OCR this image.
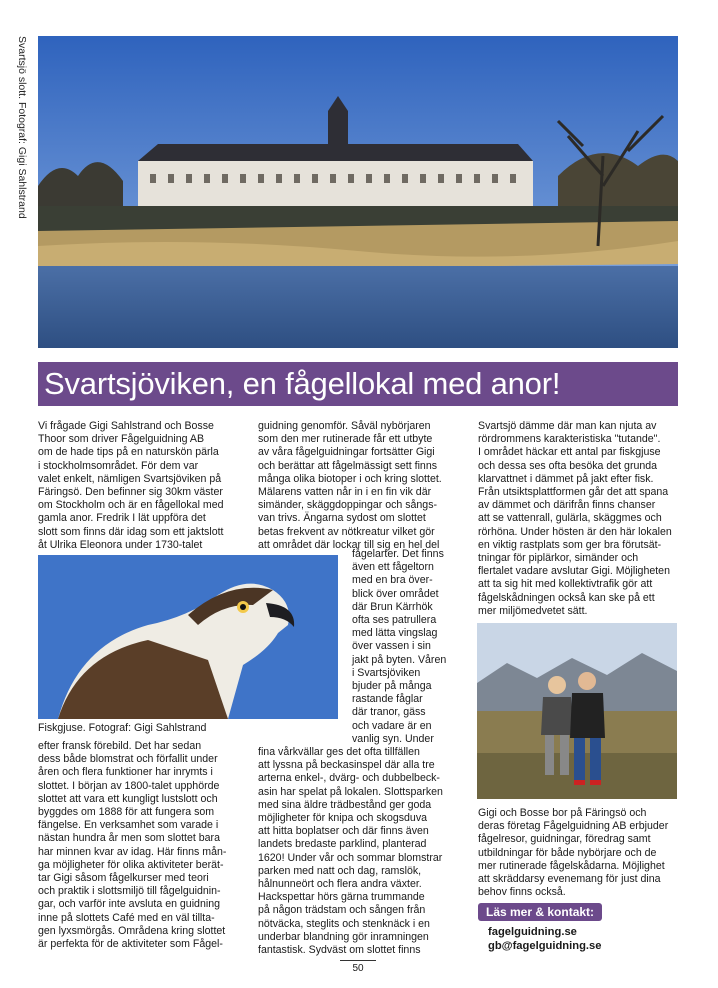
Svartsjö slott. Fotograf: Gigi Sahlstrand
Svartsjöviken, en fågellokal med anor!
Vi frågade Gigi Sahlstrand och Bosse
Thoor som driver Fågelguidning AB
om de hade tips på en naturskön pärla
i stockholmsområdet. För dem var
valet enkelt, nämligen Svartsjöviken på
Färingsö. Den befinner sig 30km väster
om Stockholm och är en fågellokal med
gamla anor. Fredrik I lät uppföra det
slott som finns där idag som ett jaktslott
åt Ulrika Eleonora under 1730-talet
Fiskgjuse. Fotograf: Gigi Sahlstrand
efter fransk förebild. Det har sedan
dess både blomstrat och förfallit under
åren och flera funktioner har inrymts i
slottet. I början av 1800-talet upphörde
slottet att vara ett kungligt lustslott och
byggdes om 1888 för att fungera som
fängelse. En verksamhet som varade i
nästan hundra år men som slottet bara
har minnen kvar av idag. Här finns mån-
ga möjligheter för olika aktiviteter berät-
tar Gigi såsom fågelkurser med teori
och praktik i slottsmiljö till fågelguidnin-
gar, och varför inte avsluta en guidning
inne på slottets Café med en väl tillta-
gen lyxsmörgås. Områdena kring slottet
är perfekta för de aktiviteter som Fågel-
guidning genomför. Såväl nybörjaren
som den mer rutinerade får ett utbyte
av våra fågelguidningar fortsätter Gigi
och berättar att fågelmässigt sett finns
många olika biotoper i och kring slottet.
Mälarens vatten når in i en fin vik där
simänder, skäggdoppingar och sångs-
van trivs. Ängarna sydost om slottet
betas frekvent av nötkreatur vilket gör
att området där lockar till sig en hel del
fågelarter. Det finns
även ett fågeltorn
med en bra över-
blick över området
där Brun Kärrhök
ofta ses patrullera
med lätta vingslag
över vassen i sin
jakt på byten. Våren
i Svartsjöviken
bjuder på många
rastande fåglar
där tranor, gäss
och vadare är en
vanlig syn. Under
fina vårkvällar ges det ofta tillfällen
att lyssna på beckasinspel där alla tre
arterna enkel-, dvärg- och dubbelbeck-
asin har spelat på lokalen. Slottsparken
med sina äldre trädbestånd ger goda
möjligheter för knipa och skogsduva
att hitta boplatser och där finns även
landets bredaste parklind, planterad
1620! Under vår och sommar blomstrar
parken med natt och dag, ramslök,
hålnunneört och flera andra växter.
Hackspettar hörs gärna trummande
på någon trädstam och sången från
nötväcka, steglits och stenknäck i en
underbar blandning gör inramningen
fantastisk. Sydväst om slottet finns
Svartsjö dämme där man kan njuta av
rördrommens karakteristiska "tutande".
I området häckar ett antal par fiskgjuse
och dessa ses ofta besöka det grunda
klarvattnet i dämmet på jakt efter fisk.
Från utsiktsplattformen går det att spana
av dämmet och därifrån finns chanser
att se vattenrall, gulärla, skäggmes och
rörhöna. Under hösten är den här lokalen
en viktig rastplats som ger bra förutsät-
tningar för piplärkor, simänder och
flertalet vadare avslutar Gigi. Möjligheten
att ta sig hit med kollektivtrafik gör att
fågelskådningen också kan ske på ett
mer miljömedvetet sätt.
Gigi och Bosse bor på Färingsö och
deras företag Fågelguidning AB erbjuder
fågelresor, guidningar, föredrag samt
utbildningar för både nybörjare och de
mer rutinerade fågelskådarna. Möjlighet
att skräddarsy evenemang för just dina
behov finns också.
Läs mer & kontakt:
fagelguidning.se
gb@fagelguidning.se
50
